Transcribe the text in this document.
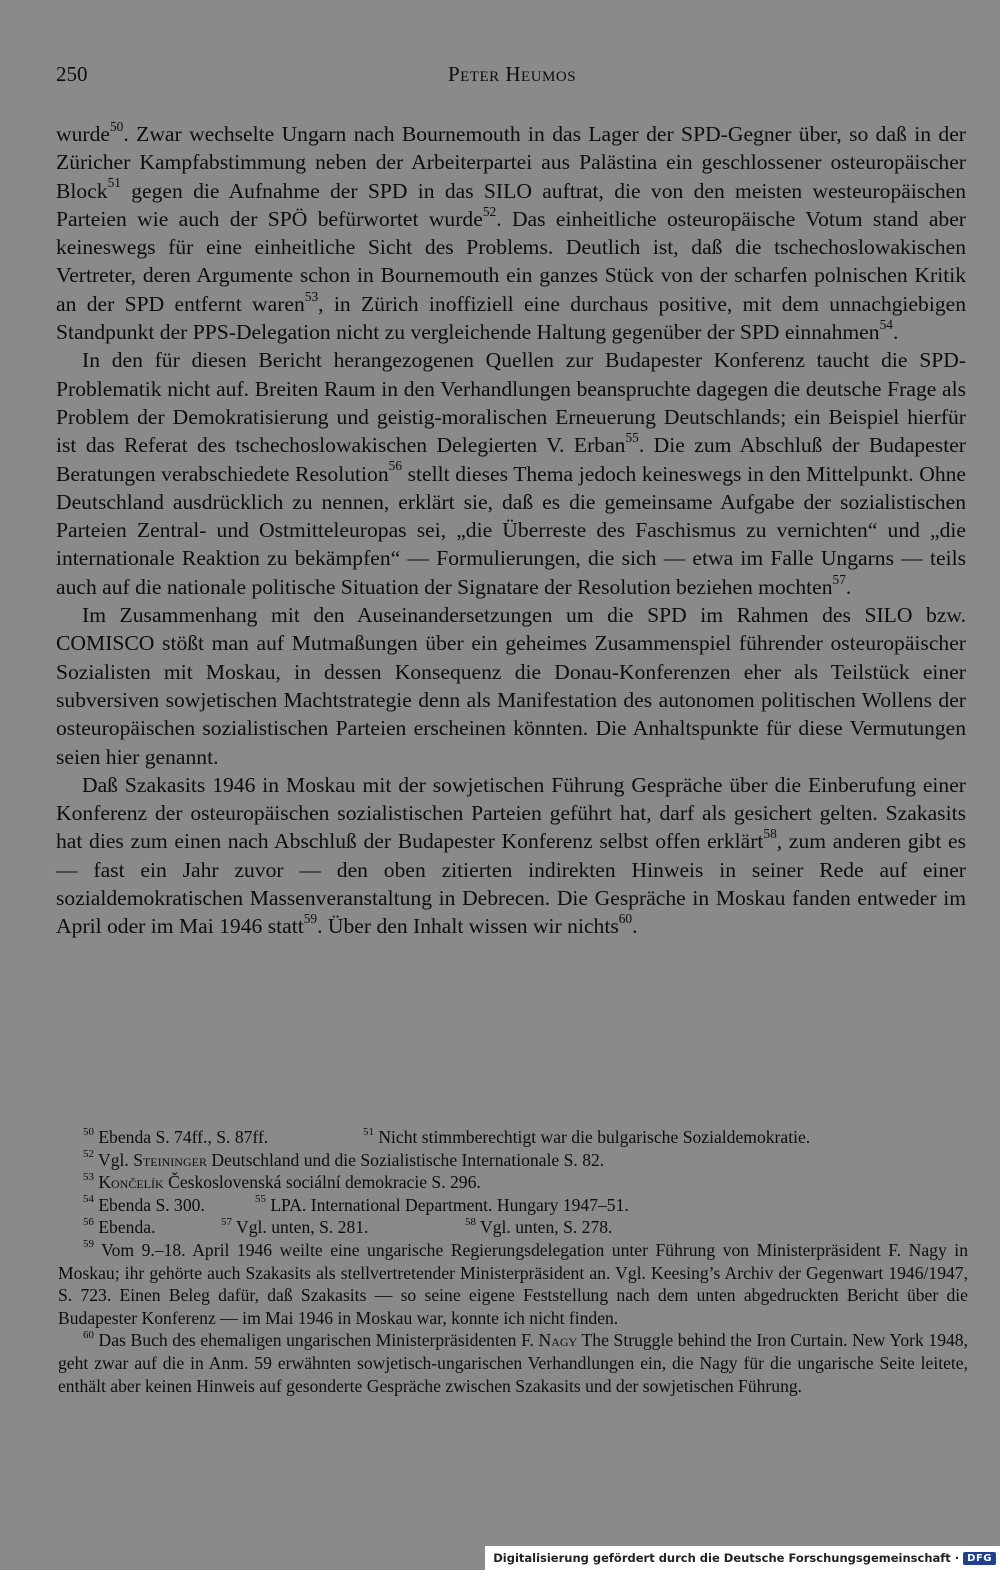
250	Peter Heumos

wurde$^{50}$. Zwar wechselte Ungarn nach Bournemouth in das Lager der SPD-Gegner über, so daß in der Züricher Kampfabstimmung neben der Arbeiterpartei aus Palästina ein geschlossener osteuropäischer Block$^{51}$ gegen die Aufnahme der SPD in das SILO auftrat, die von den meisten westeuropäischen Parteien wie auch der SPÖ befürwortet wurde$^{52}$. Das einheitliche osteuropäische Votum stand aber keineswegs für eine einheitliche Sicht des Problems. Deutlich ist, daß die tschechoslowakischen Vertreter, deren Argumente schon in Bournemouth ein ganzes Stück von der scharfen polnischen Kritik an der SPD entfernt waren$^{53}$, in Zürich inoffiziell eine durchaus positive, mit dem unnachgiebigen Standpunkt der PPS-Delegation nicht zu vergleichende Haltung gegenüber der SPD einnahmen$^{54}$.

In den für diesen Bericht herangezogenen Quellen zur Budapester Konferenz taucht die SPD-Problematik nicht auf. Breiten Raum in den Verhandlungen beanspruchte dagegen die deutsche Frage als Problem der Demokratisierung und geistig-moralischen Erneuerung Deutschlands; ein Beispiel hierfür ist das Referat des tschechoslowakischen Delegierten V. Erban$^{55}$. Die zum Abschluß der Budapester Beratungen verabschiedete Resolution$^{56}$ stellt dieses Thema jedoch keineswegs in den Mittelpunkt. Ohne Deutschland ausdrücklich zu nennen, erklärt sie, daß es die gemeinsame Aufgabe der sozialistischen Parteien Zentral- und Ostmitteleuropas sei, „die Überreste des Faschismus zu vernichten“ und „die internationale Reaktion zu bekämpfen“ — Formulierungen, die sich — etwa im Falle Ungarns — teils auch auf die nationale politische Situation der Signatare der Resolution beziehen mochten$^{57}$.

Im Zusammenhang mit den Auseinandersetzungen um die SPD im Rahmen des SILO bzw. COMISCO stößt man auf Mutmaßungen über ein geheimes Zusammenspiel führender osteuropäischer Sozialisten mit Moskau, in dessen Konsequenz die Donau-Konferenzen eher als Teilstück einer subversiven sowjetischen Machtstrategie denn als Manifestation des autonomen politischen Wollens der osteuropäischen sozialistischen Parteien erscheinen könnten. Die Anhaltspunkte für diese Vermutungen seien hier genannt.

Daß Szakasits 1946 in Moskau mit der sowjetischen Führung Gespräche über die Einberufung einer Konferenz der osteuropäischen sozialistischen Parteien geführt hat, darf als gesichert gelten. Szakasits hat dies zum einen nach Abschluß der Budapester Konferenz selbst offen erklärt$^{58}$, zum anderen gibt es — fast ein Jahr zuvor — den oben zitierten indirekten Hinweis in seiner Rede auf einer sozialdemokratischen Massenveranstaltung in Debrecen. Die Gespräche in Moskau fanden entweder im April oder im Mai 1946 statt$^{59}$. Über den Inhalt wissen wir nichts$^{60}$.

$^{50}$ Ebenda S. 74ff., S. 87ff.	$^{51}$ Nicht stimmberechtigt war die bulgarische Sozialdemokratie.
$^{52}$ Vgl. Steininger Deutschland und die Sozialistische Internationale S. 82.
$^{53}$ Končelík Československá sociální demokracie S. 296.
$^{54}$ Ebenda S. 300.	$^{55}$ LPA. International Department. Hungary 1947–51.
$^{56}$ Ebenda.	$^{57}$ Vgl. unten, S. 281.	$^{58}$ Vgl. unten, S. 278.
$^{59}$ Vom 9.–18. April 1946 weilte eine ungarische Regierungsdelegation unter Führung von Ministerpräsident F. Nagy in Moskau; ihr gehörte auch Szakasits als stellvertretender Ministerpräsident an. Vgl. Keesing’s Archiv der Gegenwart 1946/1947, S. 723. Einen Beleg dafür, daß Szakasits — so seine eigene Feststellung nach dem unten abgedruckten Bericht über die Budapester Konferenz — im Mai 1946 in Moskau war, konnte ich nicht finden.
$^{60}$ Das Buch des ehemaligen ungarischen Ministerpräsidenten F. Nagy The Struggle behind the Iron Curtain. New York 1948, geht zwar auf die in Anm. 59 erwähnten sowjetisch-ungarischen Verhandlungen ein, die Nagy für die ungarische Seite leitete, enthält aber keinen Hinweis auf gesonderte Gespräche zwischen Szakasits und der sowjetischen Führung.
Digitalisierung gefördert durch die Deutsche Forschungsgemeinschaft · DFG
